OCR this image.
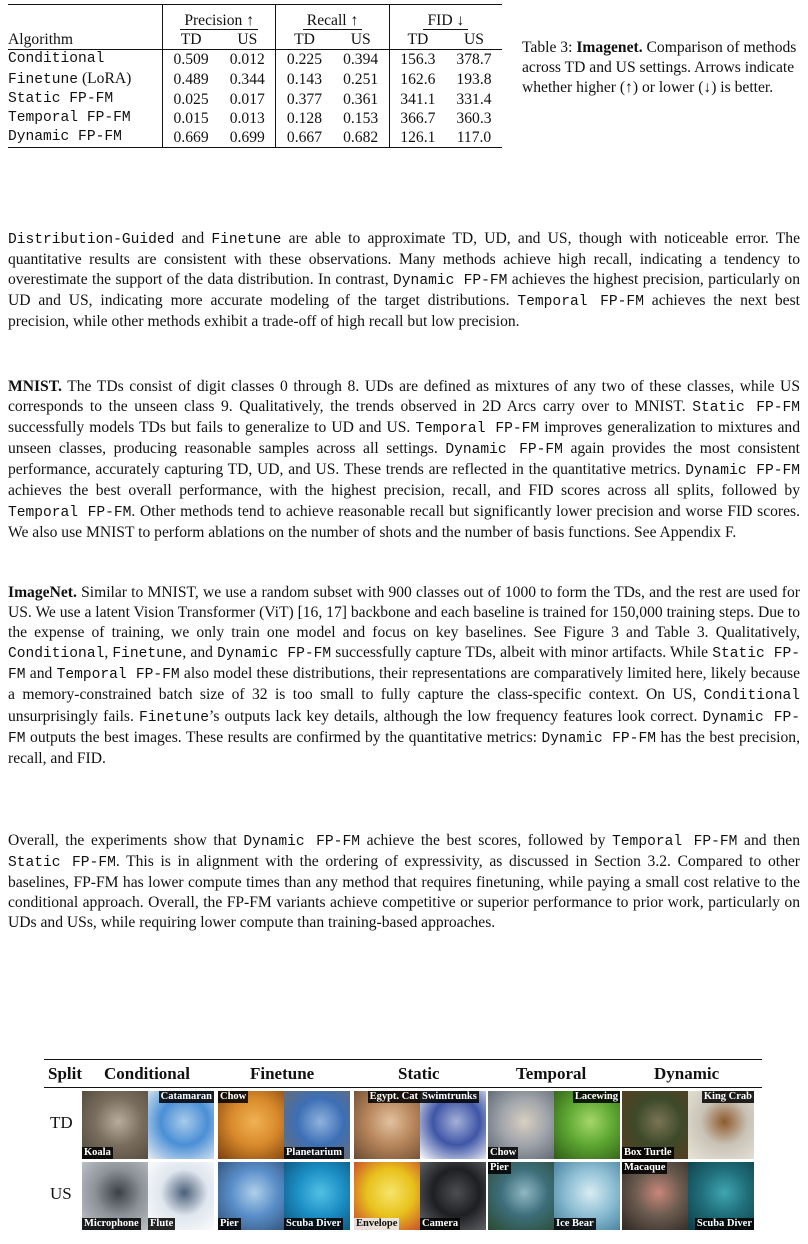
	Precision ↑		Recall ↑		FID ↓	
Algorithm	TD	US	TD	US	TD	US
Conditional	0.509	0.012	0.225	0.394	156.3	378.7
Finetune (LoRA)	0.489	0.344	0.143	0.251	162.6	193.8
Static FP-FM	0.025	0.017	0.377	0.361	341.1	331.4
Temporal FP-FM	0.015	0.013	0.128	0.153	366.7	360.3
Dynamic FP-FM	0.669	0.699	0.667	0.682	126.1	117.0
Table 3: Imagenet. Comparison of methods across TD and US settings. Arrows indicate whether higher (↑) or lower (↓) is better.
Distribution-Guided and Finetune are able to approximate TD, UD, and US, though with noticeable error. The quantitative results are consistent with these observations. Many methods achieve high recall, indicating a tendency to overestimate the support of the data distribution. In contrast, Dynamic FP-FM achieves the highest precision, particularly on UD and US, indicating more accurate modeling of the target distributions. Temporal FP-FM achieves the next best precision, while other methods exhibit a trade-off of high recall but low precision.
MNIST. The TDs consist of digit classes 0 through 8. UDs are defined as mixtures of any two of these classes, while US corresponds to the unseen class 9. Qualitatively, the trends observed in 2D Arcs carry over to MNIST. Static FP-FM successfully models TDs but fails to generalize to UD and US. Temporal FP-FM improves generalization to mixtures and unseen classes, producing reasonable samples across all settings. Dynamic FP-FM again provides the most consistent performance, accurately capturing TD, UD, and US. These trends are reflected in the quantitative metrics. Dynamic FP-FM achieves the best overall performance, with the highest precision, recall, and FID scores across all splits, followed by Temporal FP-FM. Other methods tend to achieve reasonable recall but significantly lower precision and worse FID scores. We also use MNIST to perform ablations on the number of shots and the number of basis functions. See Appendix F.
ImageNet. Similar to MNIST, we use a random subset with 900 classes out of 1000 to form the TDs, and the rest are used for US. We use a latent Vision Transformer (ViT) [16, 17] backbone and each baseline is trained for 150,000 training steps. Due to the expense of training, we only train one model and focus on key baselines. See Figure 3 and Table 3. Qualitatively, Conditional, Finetune, and Dynamic FP-FM successfully capture TDs, albeit with minor artifacts. While Static FP-FM and Temporal FP-FM also model these distributions, their representations are comparatively limited here, likely because a memory-constrained batch size of 32 is too small to fully capture the class-specific context. On US, Conditional unsurprisingly fails. Finetune’s outputs lack key details, although the low frequency features look correct. Dynamic FP-FM outputs the best images. These results are confirmed by the quantitative metrics: Dynamic FP-FM has the best precision, recall, and FID.
Overall, the experiments show that Dynamic FP-FM achieve the best scores, followed by Temporal FP-FM and then Static FP-FM. This is in alignment with the ordering of expressivity, as discussed in Section 3.2. Compared to other baselines, FP-FM has lower compute times than any method that requires finetuning, while paying a small cost relative to the conditional approach. Overall, the FP-FM variants achieve competitive or superior performance to prior work, particularly on UDs and USs, while requiring lower compute than training-based approaches.
Split Conditional	Finetune	Static	Temporal	Dynamic
TD
Koala
Catamaran Chow
Planetarium
Egypt. Cat Swimtrunks
Chow
Lacewing
Box Turtle
King Crab
US
Microphone Flute	Pier	Scuba Diver Envelope Camera
Pier
Ice Bear
Macaque
Scuba Diver
